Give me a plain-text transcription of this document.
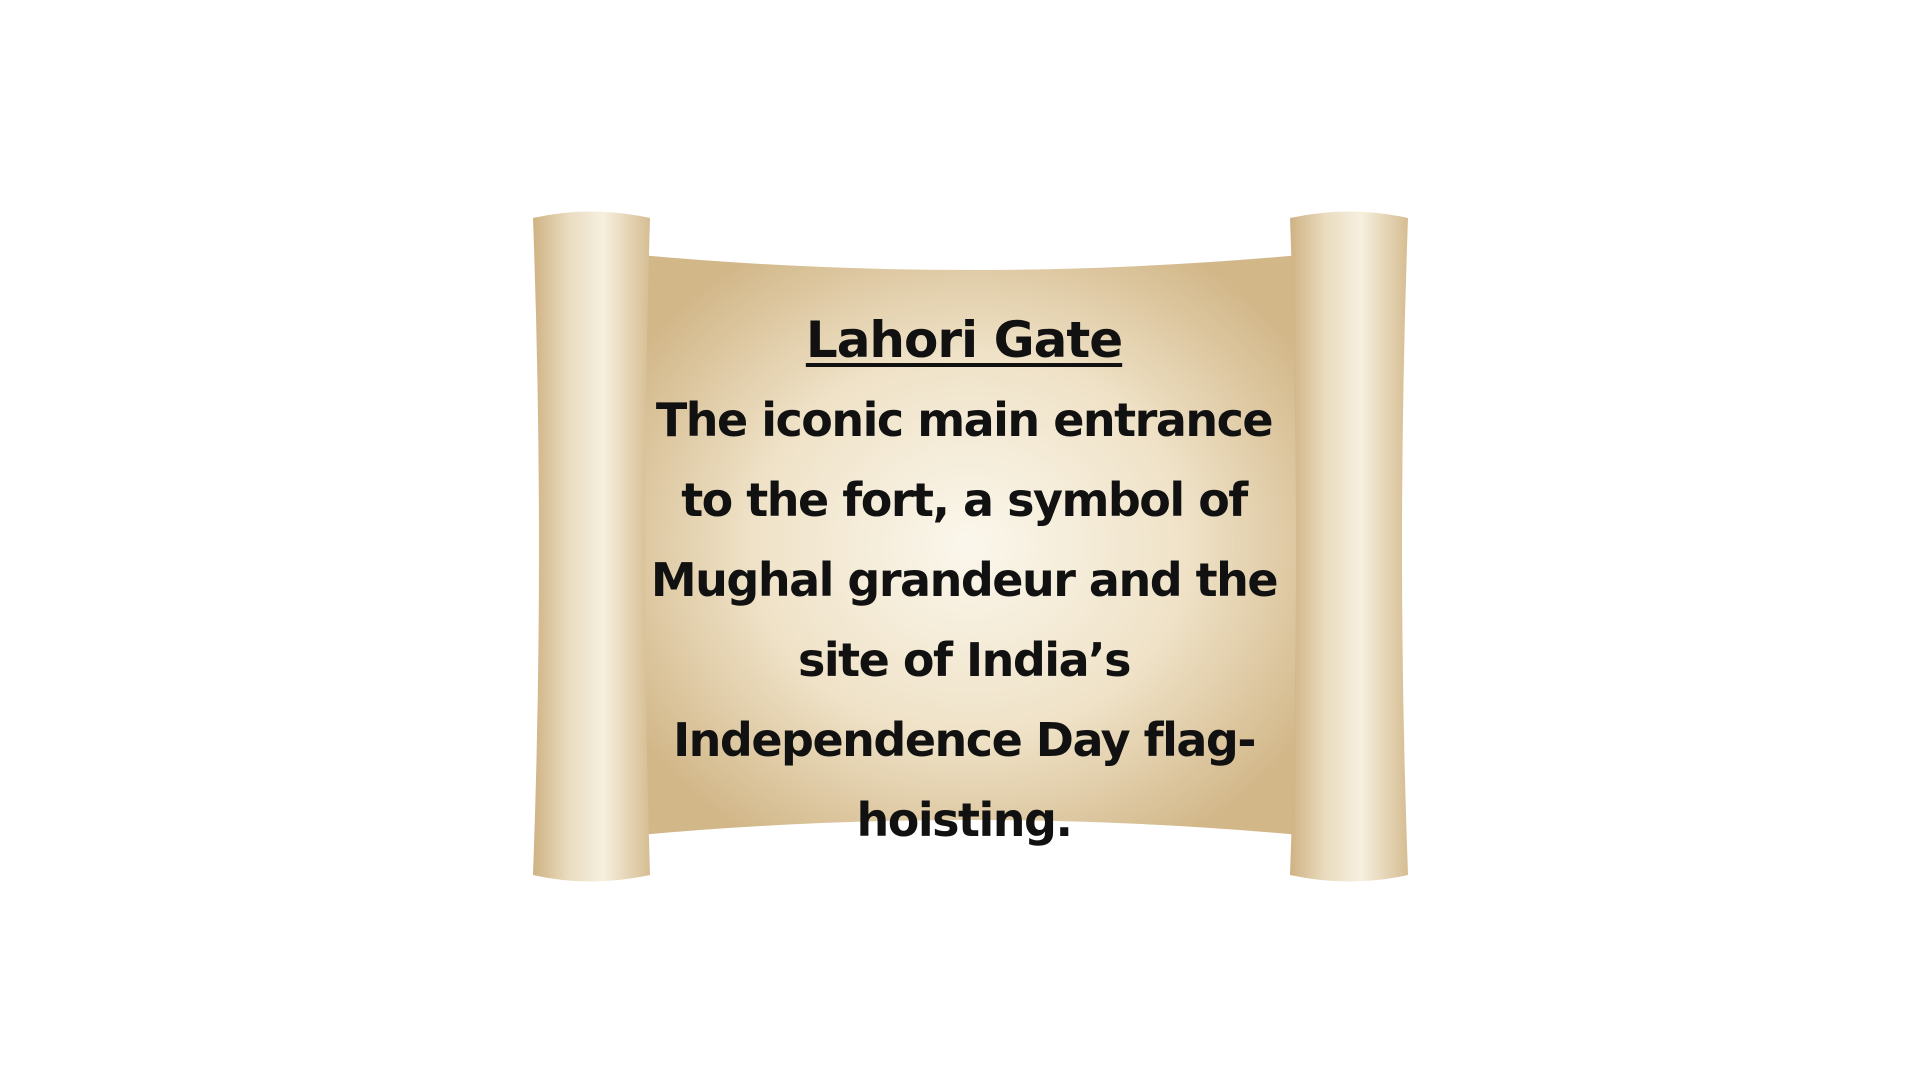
Lahori Gate
The iconic main entrance to the fort, a symbol of Mughal grandeur and the site of India’s Independence Day flag-hoisting.
